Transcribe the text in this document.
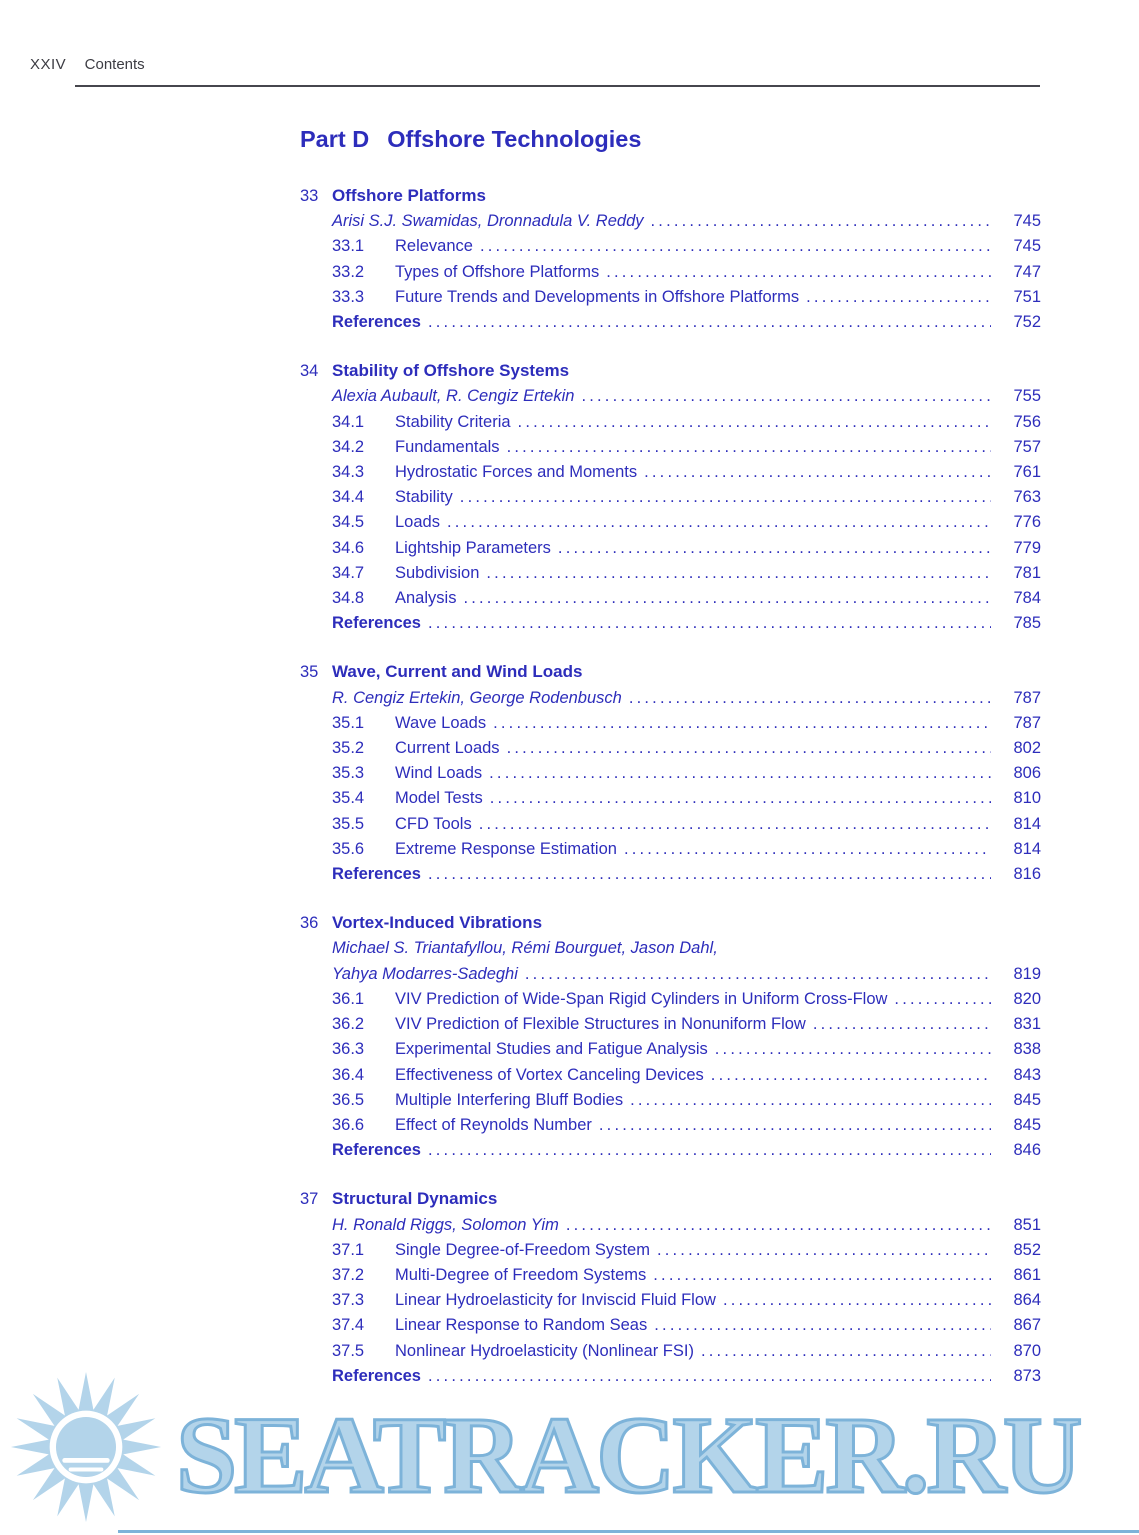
XXIV Contents
Part D Offshore Technologies
33 Offshore Platforms
Arisi S.J. Swamidas, Dronnadula V. Reddy .....	745
33.1	Relevance .....	745
33.2	Types of Offshore Platforms .....	747
33.3	Future Trends and Developments in Offshore Platforms .....	751
References .....	752
34 Stability of Offshore Systems
Alexia Aubault, R. Cengiz Ertekin .....	755
34.1	Stability Criteria .....	756
34.2	Fundamentals .....	757
34.3	Hydrostatic Forces and Moments .....	761
34.4	Stability .....	763
34.5	Loads .....	776
34.6	Lightship Parameters .....	779
34.7	Subdivision .....	781
34.8	Analysis .....	784
References .....	785
35 Wave, Current and Wind Loads
R. Cengiz Ertekin, George Rodenbusch .....	787
35.1	Wave Loads .....	787
35.2	Current Loads .....	802
35.3	Wind Loads .....	806
35.4	Model Tests .....	810
35.5	CFD Tools .....	814
35.6	Extreme Response Estimation .....	814
References .....	816
36 Vortex-Induced Vibrations
Michael S. Triantafyllou, Rémi Bourguet, Jason Dahl,
Yahya Modarres-Sadeghi .....	819
36.1	VIV Prediction of Wide-Span Rigid Cylinders in Uniform Cross-Flow .....	820
36.2	VIV Prediction of Flexible Structures in Nonuniform Flow .....	831
36.3	Experimental Studies and Fatigue Analysis .....	838
36.4	Effectiveness of Vortex Canceling Devices .....	843
36.5	Multiple Interfering Bluff Bodies .....	845
36.6	Effect of Reynolds Number .....	845
References .....	846
37 Structural Dynamics
H. Ronald Riggs, Solomon Yim .....	851
37.1	Single Degree-of-Freedom System .....	852
37.2	Multi-Degree of Freedom Systems .....	861
37.3	Linear Hydroelasticity for Inviscid Fluid Flow .....	864
37.4	Linear Response to Random Seas .....	867
37.5	Nonlinear Hydroelasticity (Nonlinear FSI) .....	870
References .....	873
SEATRACKER.RU
